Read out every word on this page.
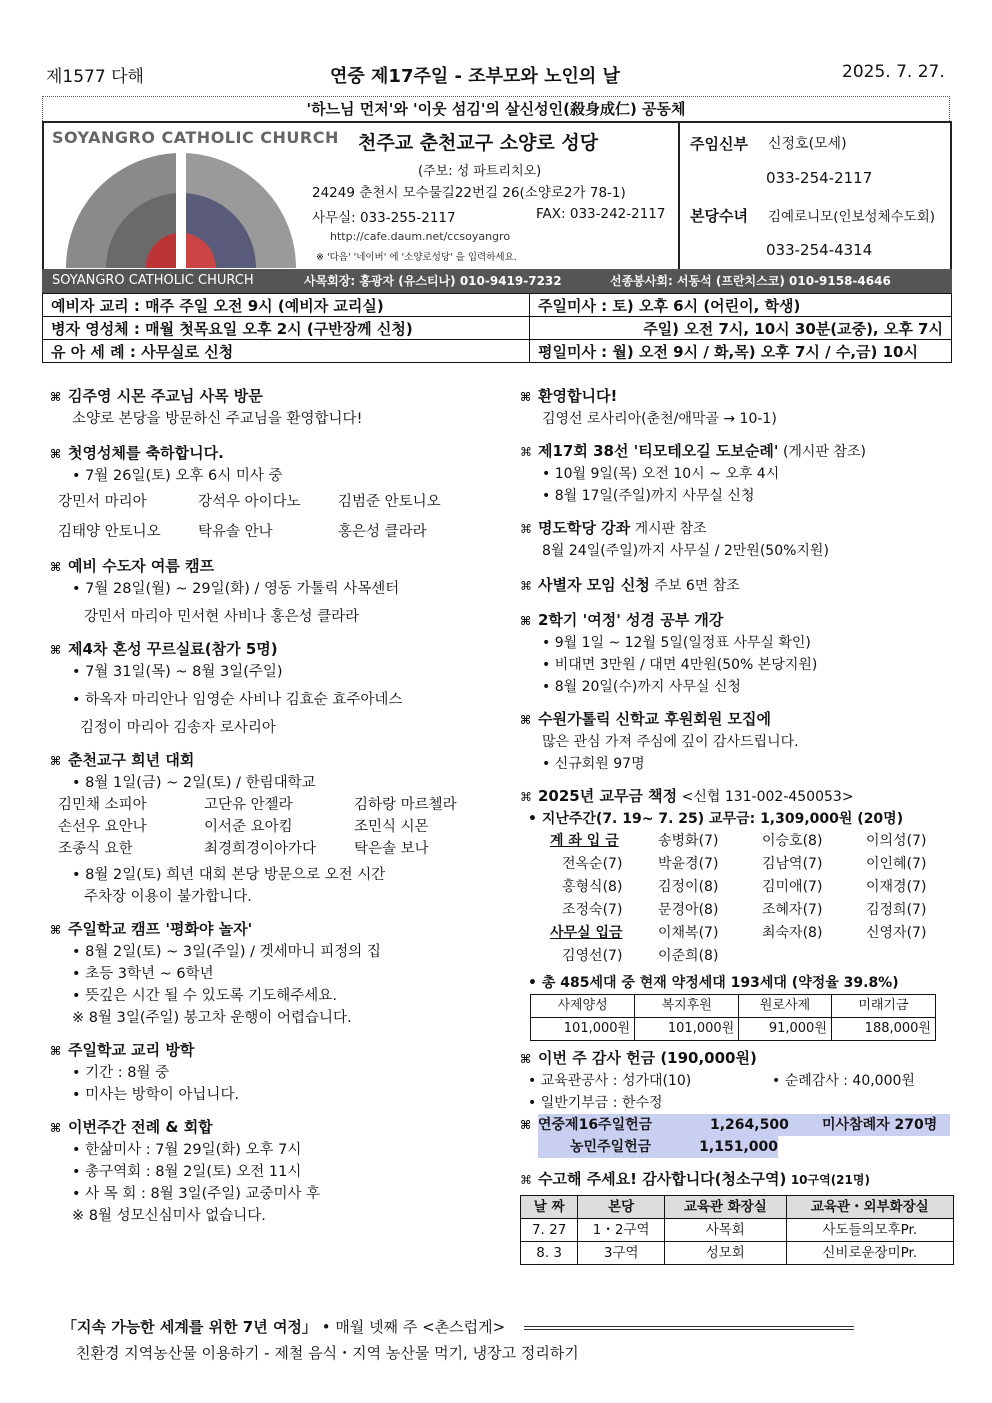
제1577 다해	연중 제17주일 - 조부모와 노인의 날	2025. 7. 27.
'하느님 먼저'와 '이웃 섬김'의 살신성인(殺身成仁) 공동체
SOYANGRO CATHOLIC CHURCH 천주교 춘천교구 소양로 성당
(주보: 성 파트리치오)
24249 춘천시 모수물길22번길 26(소양로2가 78-1)
사무실: 033-255-2117	FAX: 033-242-2117
http://cafe.daum.net/ccsoyangro
※ '다음' '네이버' 에 '소양로성당' 을 입력하세요.
주임신부 신정호(모세)
033-254-2117
본당수녀 김예로니모(인보성체수도회)
033-254-4314
SOYANGRO CATHOLIC CHURCH	사목회장: 홍광자 (유스티나) 010-9419-7232	선종봉사회: 서동석 (프란치스코) 010-9158-4646
예비자 교리 : 매주 주일 오전 9시 (예비자 교리실)	주일미사 : 토) 오후 6시 (어린이, 학생)
병자 영성체 : 매월 첫목요일 오후 2시 (구반장께 신청)	주일) 오전 7시, 10시 30분(교중), 오후 7시
유 아 세 례 : 사무실로 신청	평일미사 : 월) 오전 9시 / 화,목) 오후 7시 / 수,금) 10시
⌘ 김주영 시몬 주교님 사목 방문
소양로 본당을 방문하신 주교님을 환영합니다!
⌘ 첫영성체를 축하합니다.
• 7월 26일(토) 오후 6시 미사 중
강민서 마리아	강석우 아이다노	김범준 안토니오
김태양 안토니오	탁유솔 안나	홍은성 클라라
⌘ 예비 수도자 여름 캠프
• 7월 28일(월) ~ 29일(화) / 영동 가톨릭 사목센터
강민서 마리아 민서현 사비나 홍은성 클라라
⌘ 제4차 혼성 꾸르실료(참가 5명)
• 7월 31일(목) ~ 8월 3일(주일)
• 하옥자 마리안나 임영순 사비나 김효순 효주아네스
김정이 마리아 김송자 로사리아
⌘ 춘천교구 희년 대회
• 8월 1일(금) ~ 2일(토) / 한림대학교
김민채 소피아	고단유 안젤라	김하랑 마르첼라
손선우 요안나	이서준 요아킴	조민식 시몬
조종식 요한	최경희경이아가다	탁은솔 보나
• 8월 2일(토) 희년 대회 본당 방문으로 오전 시간
주차장 이용이 불가합니다.
⌘ 주일학교 캠프 '평화야 놀자'
• 8월 2일(토) ~ 3일(주일) / 겟세마니 피정의 집
• 초등 3학년 ~ 6학년
• 뜻깊은 시간 될 수 있도록 기도해주세요.
※ 8월 3일(주일) 봉고차 운행이 어렵습니다.
⌘ 주일학교 교리 방학
• 기간 : 8월 중
• 미사는 방학이 아닙니다.
⌘ 이번주간 전례 & 회합
• 한삶미사 : 7월 29일(화) 오후 7시
• 총구역회 : 8월 2일(토) 오전 11시
• 사 목 회 : 8월 3일(주일) 교중미사 후
※ 8월 성모신심미사 없습니다.
⌘ 환영합니다!
김영선 로사리아(춘천/애막골 → 10-1)
⌘ 제17회 38선 '티모테오길 도보순례' (게시판 참조)
• 10월 9일(목) 오전 10시 ~ 오후 4시
• 8월 17일(주일)까지 사무실 신청
⌘ 명도학당 강좌 게시판 참조
8월 24일(주일)까지 사무실 / 2만원(50%지원)
⌘ 사별자 모임 신청 주보 6면 참조
⌘ 2학기 '여정' 성경 공부 개강
• 9월 1일 ~ 12월 5일(일정표 사무실 확인)
• 비대면 3만원 / 대면 4만원(50% 본당지원)
• 8월 20일(수)까지 사무실 신청
⌘ 수원가톨릭 신학교 후원회원 모집에
많은 관심 가져 주심에 깊이 감사드립니다.
• 신규회원 97명
⌘ 2025년 교무금 책정 <신협 131-002-450053>
• 지난주간(7. 19~ 7. 25) 교무금: 1,309,000원 (20명)
계 좌 입 금	송병화(7)	이승호(8)	이의성(7)
전옥순(7)	박윤경(7)	김남역(7)	이인혜(7)
홍형식(8)	김정이(8)	김미애(7)	이재경(7)
조정숙(7)	문경아(8)	조혜자(7)	김정희(7)
사무실 입금	이채복(7)	최숙자(8)	신영자(7)
김영선(7)	이준희(8)
• 총 485세대 중 현재 약정세대 193세대 (약정율 39.8%)
사제양성	복지후원	원로사제	미래기금
101,000원	101,000원	91,000원	188,000원
⌘ 이번 주 감사 헌금 (190,000원)
• 교육관공사 : 성가대(10)	• 순례감사 : 40,000원
• 일반기부금 : 한수정
⌘ 연중제16주일헌금	1,264,500	미사참례자 270명
농민주일헌금	1,151,000
⌘ 수고해 주세요! 감사합니다(청소구역) 10구역(21명)
날 짜	본당	교육관 화장실	교육관・외부화장실
7. 27	1・2구역	사목회	사도들의모후Pr.
8. 3	3구역	성모회	신비로운장미Pr.
「지속 가능한 세계를 위한 7년 여정」 • 매월 넷째 주 <촌스럽게>
친환경 지역농산물 이용하기 - 제철 음식・지역 농산물 먹기, 냉장고 정리하기
